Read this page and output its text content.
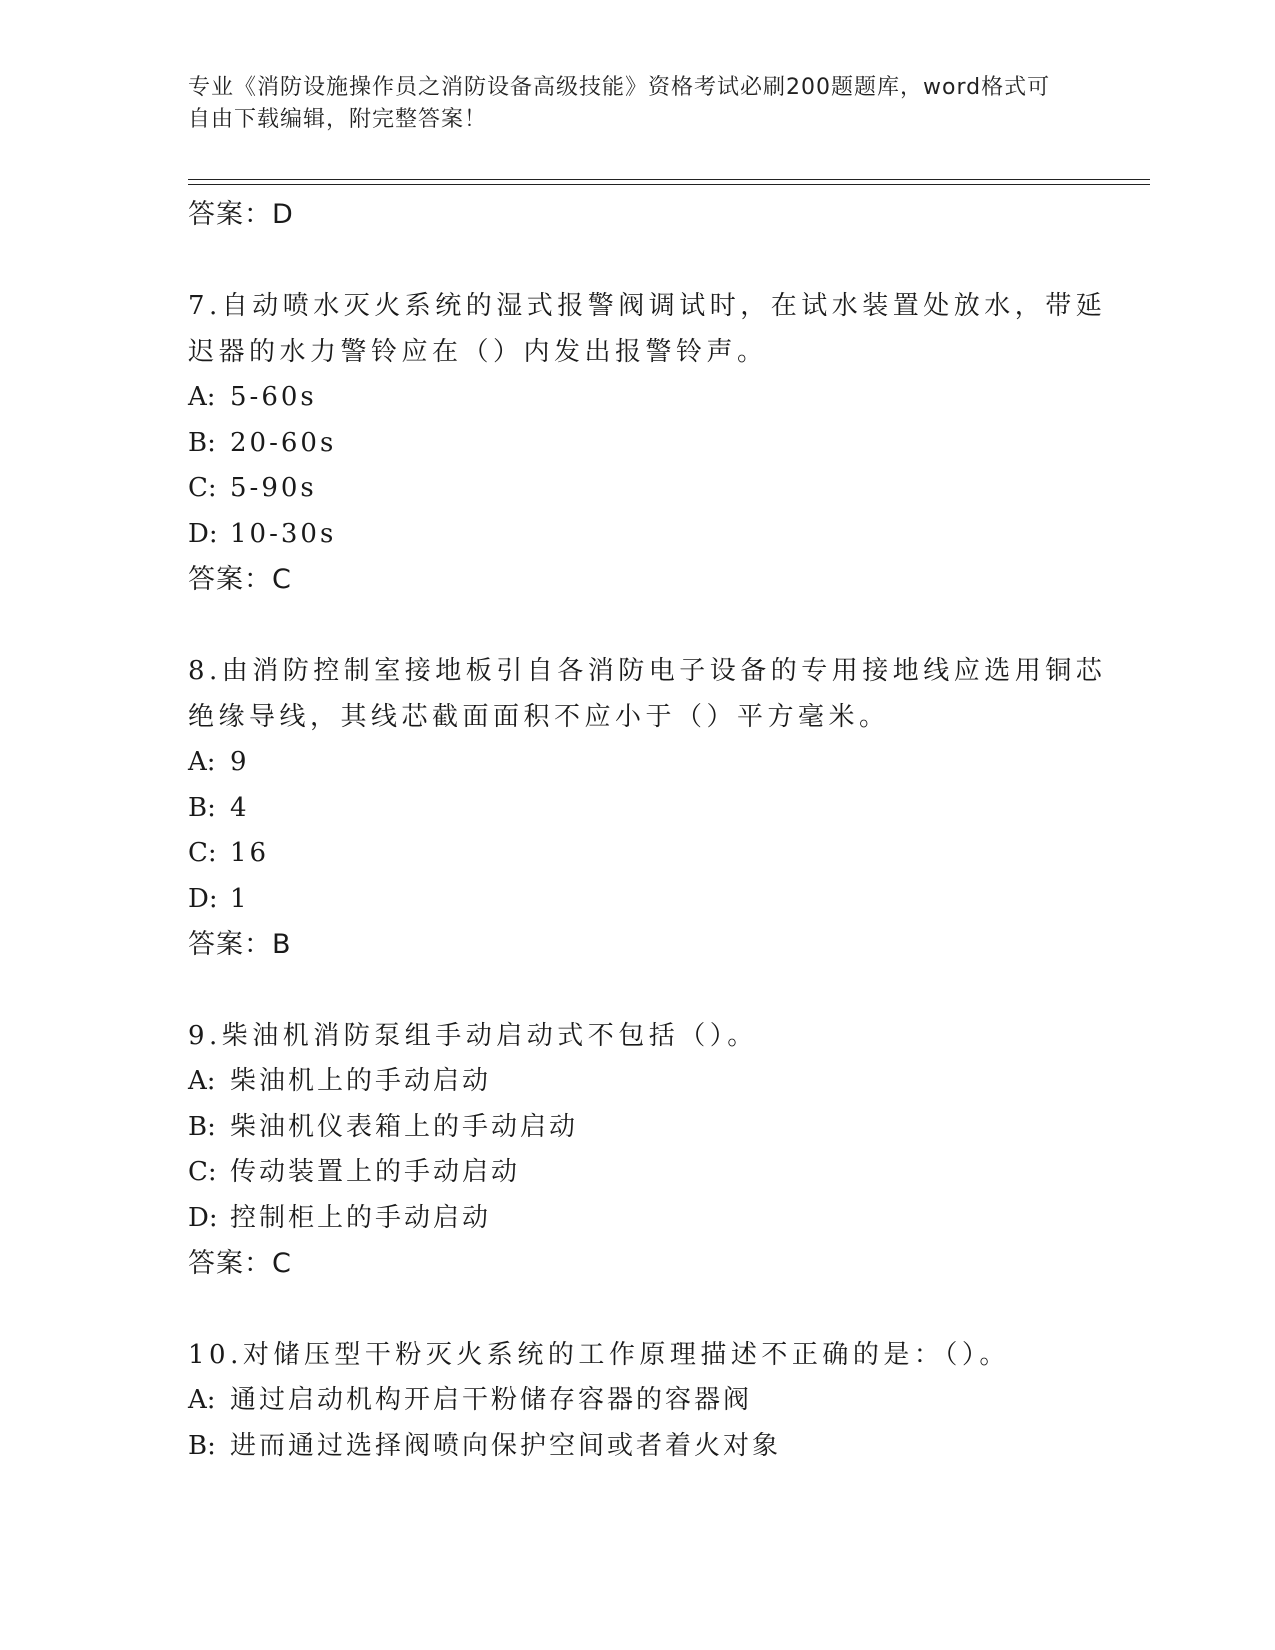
专业《消防设施操作员之消防设备高级技能》资格考试必刷200题题库，word格式可自由下载编辑，附完整答案！
答案：D
7.自动喷水灭火系统的湿式报警阀调试时，在试水装置处放水，带延
迟器的水力警铃应在（）内发出报警铃声。
A: 5-60s
B: 20-60s
C: 5-90s
D: 10-30s
答案：C
8.由消防控制室接地板引自各消防电子设备的专用接地线应选用铜芯
绝缘导线，其线芯截面面积不应小于（）平方毫米。
A: 9
B: 4
C: 16
D: 1
答案：B
9.柴油机消防泵组手动启动式不包括（）。
A: 柴油机上的手动启动
B: 柴油机仪表箱上的手动启动
C: 传动装置上的手动启动
D: 控制柜上的手动启动
答案：C
10.对储压型干粉灭火系统的工作原理描述不正确的是：（）。
A: 通过启动机构开启干粉储存容器的容器阀
B: 进而通过选择阀喷向保护空间或者着火对象
